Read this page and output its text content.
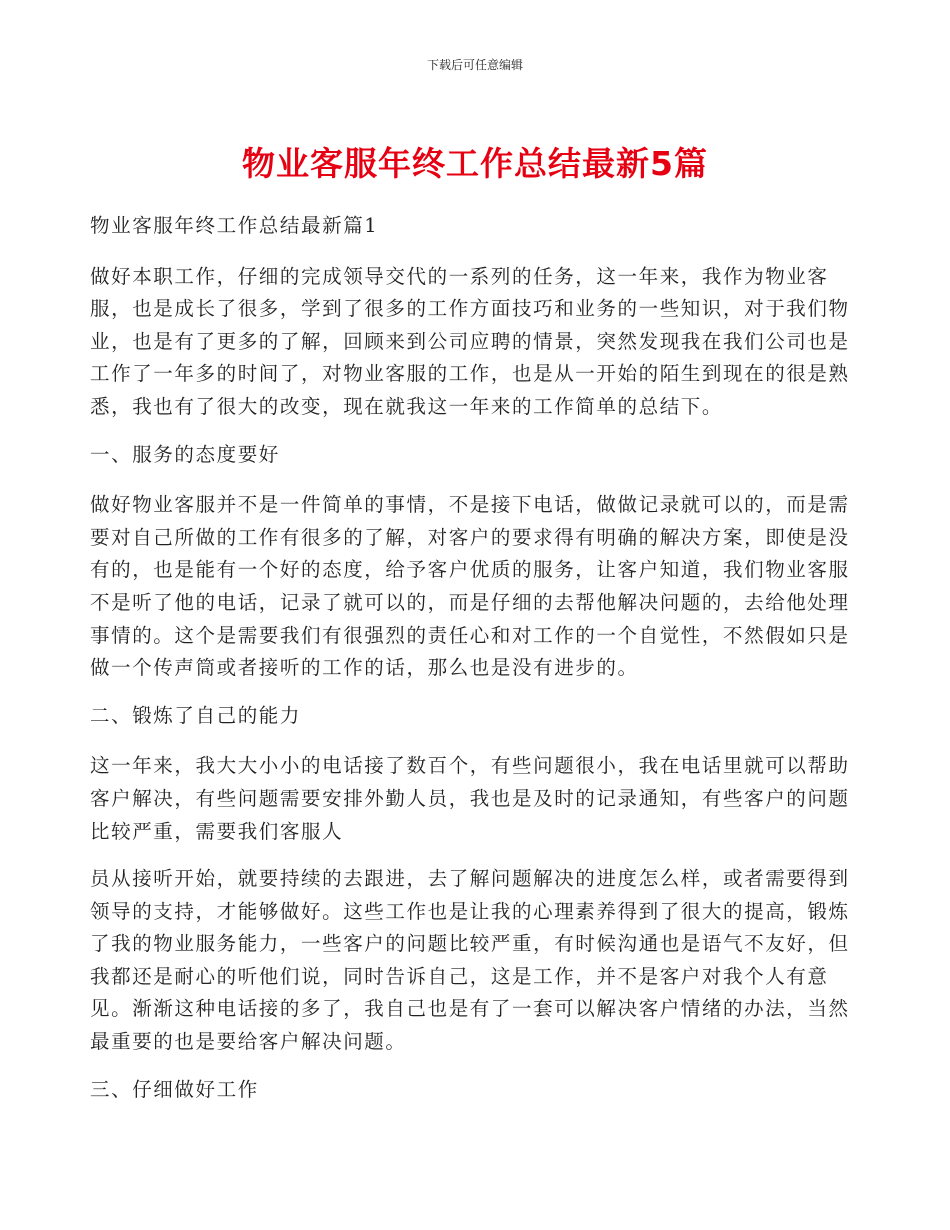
下载后可任意编辑
物业客服年终工作总结最新5篇

物业客服年终工作总结最新篇1

做好本职工作，仔细的完成领导交代的一系列的任务，这一年来，我作为物业客服，也是成长了很多，学到了很多的工作方面技巧和业务的一些知识，对于我们物业，也是有了更多的了解，回顾来到公司应聘的情景，突然发现我在我们公司也是工作了一年多的时间了，对物业客服的工作，也是从一开始的陌生到现在的很是熟悉，我也有了很大的改变，现在就我这一年来的工作简单的总结下。

一、服务的态度要好

做好物业客服并不是一件简单的事情，不是接下电话，做做记录就可以的，而是需要对自己所做的工作有很多的了解，对客户的要求得有明确的解决方案，即使是没有的，也是能有一个好的态度，给予客户优质的服务，让客户知道，我们物业客服不是听了他的电话，记录了就可以的，而是仔细的去帮他解决问题的，去给他处理事情的。这个是需要我们有很强烈的责任心和对工作的一个自觉性，不然假如只是做一个传声筒或者接听的工作的话，那么也是没有进步的。

二、锻炼了自己的能力

这一年来，我大大小小的电话接了数百个，有些问题很小，我在电话里就可以帮助客户解决，有些问题需要安排外勤人员，我也是及时的记录通知，有些客户的问题比较严重，需要我们客服人

员从接听开始，就要持续的去跟进，去了解问题解决的进度怎么样，或者需要得到领导的支持，才能够做好。这些工作也是让我的心理素养得到了很大的提高，锻炼了我的物业服务能力，一些客户的问题比较严重，有时候沟通也是语气不友好，但我都还是耐心的听他们说，同时告诉自己，这是工作，并不是客户对我个人有意见。渐渐这种电话接的多了，我自己也是有了一套可以解决客户情绪的办法，当然最重要的也是要给客户解决问题。

三、仔细做好工作
